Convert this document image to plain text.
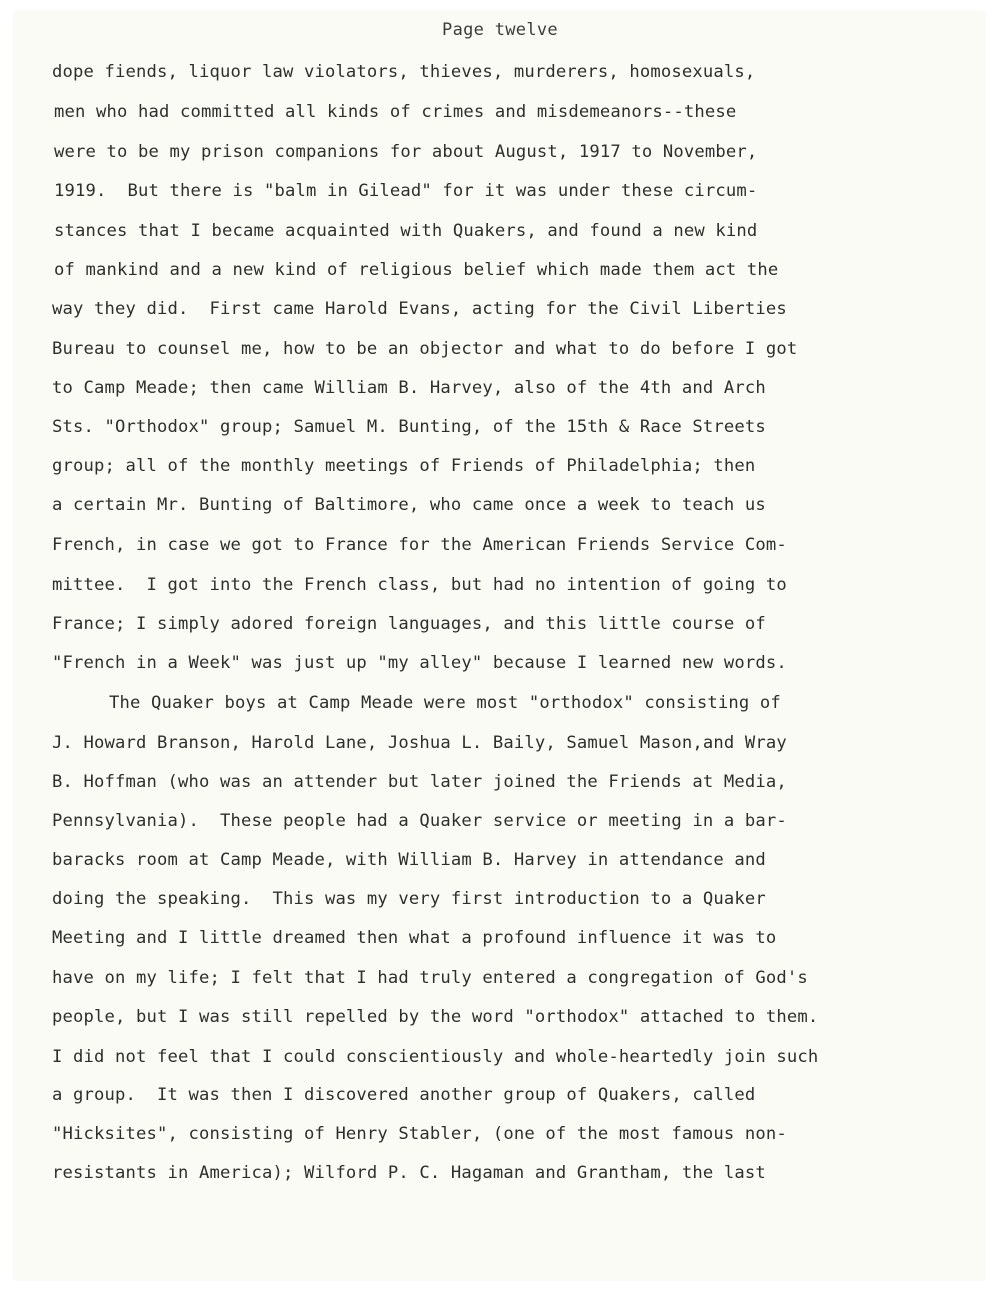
Page twelve
dope fiends, liquor law violators, thieves, murderers, homosexuals,
men who had committed all kinds of crimes and misdemeanors--these
were to be my prison companions for about August, 1917 to November,
1919.  But there is "balm in Gilead" for it was under these circum-
stances that I became acquainted with Quakers, and found a new kind
of mankind and a new kind of religious belief which made them act the
way they did.  First came Harold Evans, acting for the Civil Liberties
Bureau to counsel me, how to be an objector and what to do before I got
to Camp Meade; then came William B. Harvey, also of the 4th and Arch
Sts. "Orthodox" group; Samuel M. Bunting, of the 15th & Race Streets
group; all of the monthly meetings of Friends of Philadelphia; then
a certain Mr. Bunting of Baltimore, who came once a week to teach us
French, in case we got to France for the American Friends Service Com-
mittee.  I got into the French class, but had no intention of going to
France; I simply adored foreign languages, and this little course of
"French in a Week" was just up "my alley" because I learned new words.
The Quaker boys at Camp Meade were most "orthodox" consisting of
J. Howard Branson, Harold Lane, Joshua L. Baily, Samuel Mason,and Wray
B. Hoffman (who was an attender but later joined the Friends at Media,
Pennsylvania).  These people had a Quaker service or meeting in a bar-
baracks room at Camp Meade, with William B. Harvey in attendance and
doing the speaking.  This was my very first introduction to a Quaker
Meeting and I little dreamed then what a profound influence it was to
have on my life; I felt that I had truly entered a congregation of God's
people, but I was still repelled by the word "orthodox" attached to them.
I did not feel that I could conscientiously and whole-heartedly join such
a group.  It was then I discovered another group of Quakers, called
"Hicksites", consisting of Henry Stabler, (one of the most famous non-
resistants in America); Wilford P. C. Hagaman and Grantham, the last
